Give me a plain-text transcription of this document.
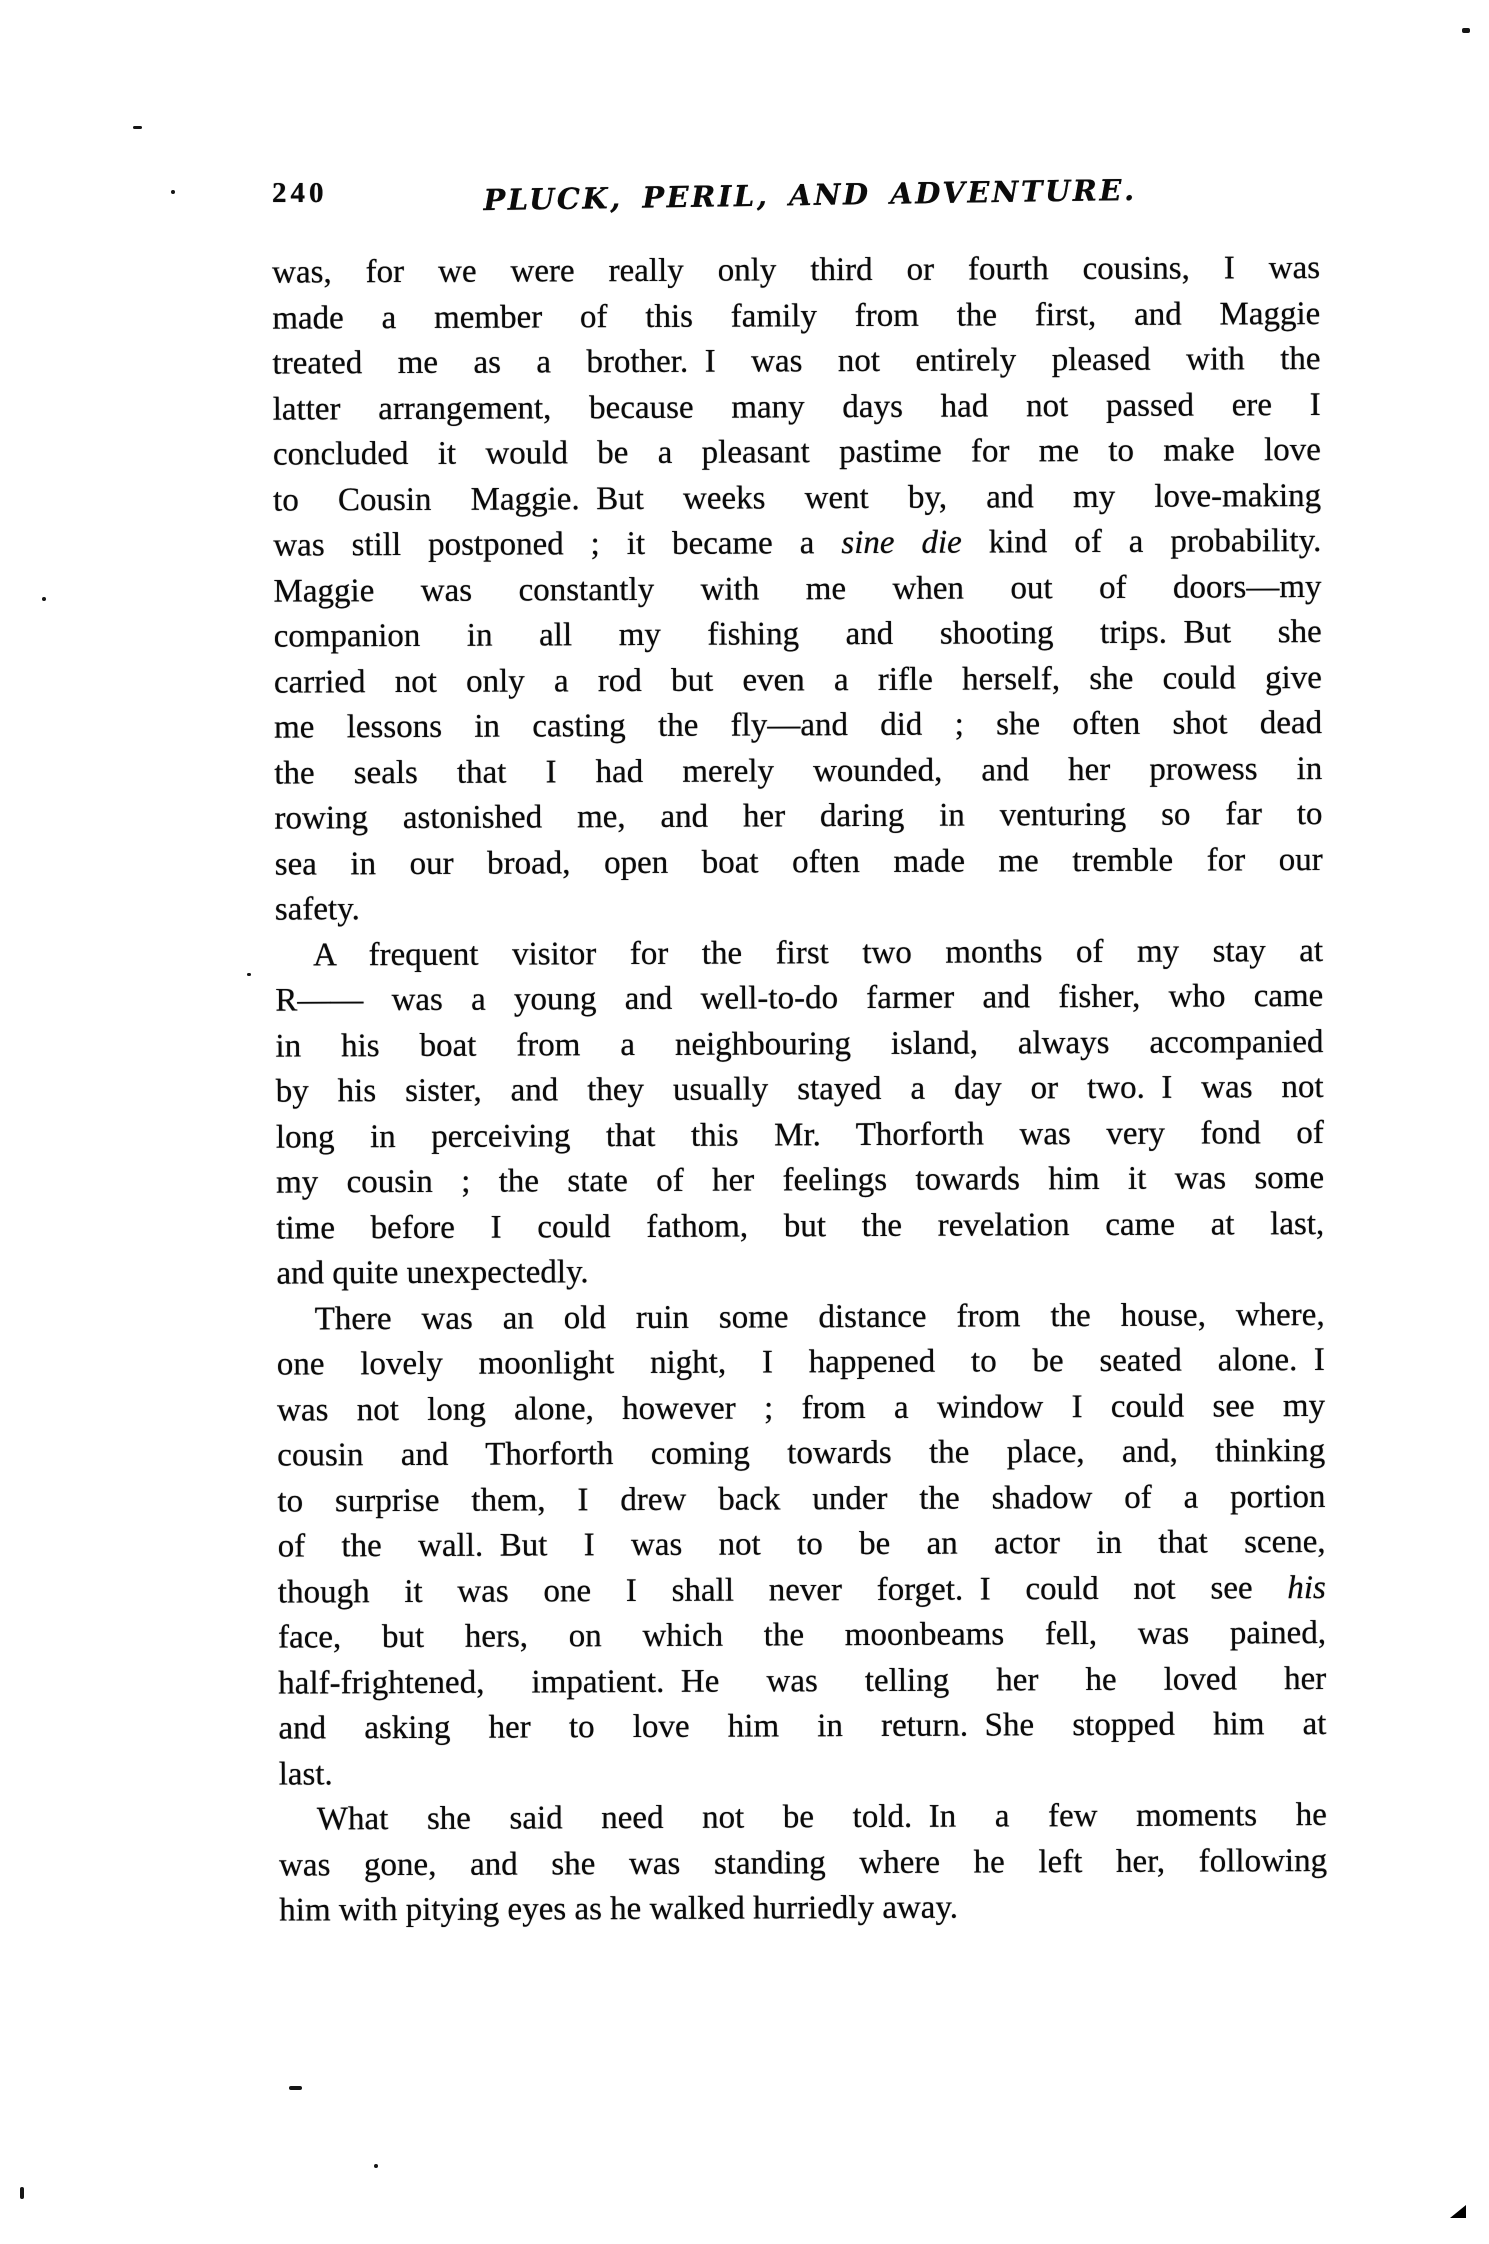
240	PLUCK, PERIL, AND ADVENTURE.
was, for we were really only third or fourth cousins, I was
made a member of this family from the first, and Maggie
treated me as a brother. I was not entirely pleased with the
latter arrangement, because many days had not passed ere I
concluded it would be a pleasant pastime for me to make love
to Cousin Maggie. But weeks went by, and my love-making
was still postponed ; it became a sine die kind of a probability.
Maggie was constantly with me when out of doors—my
companion in all my fishing and shooting trips. But she
carried not only a rod but even a rifle herself, she could give
me lessons in casting the fly—and did ; she often shot dead
the seals that I had merely wounded, and her prowess in
rowing astonished me, and her daring in venturing so far to
sea in our broad, open boat often made me tremble for our
safety.
A frequent visitor for the first two months of my stay at
R—— was a young and well-to-do farmer and fisher, who came
in his boat from a neighbouring island, always accompanied
by his sister, and they usually stayed a day or two. I was not
long in perceiving that this Mr. Thorforth was very fond of
my cousin ; the state of her feelings towards him it was some
time before I could fathom, but the revelation came at last,
and quite unexpectedly.
There was an old ruin some distance from the house, where,
one lovely moonlight night, I happened to be seated alone. I
was not long alone, however ; from a window I could see my
cousin and Thorforth coming towards the place, and, thinking
to surprise them, I drew back under the shadow of a portion
of the wall. But I was not to be an actor in that scene,
though it was one I shall never forget. I could not see his
face, but hers, on which the moonbeams fell, was pained,
half-frightened, impatient. He was telling her he loved her
and asking her to love him in return. She stopped him at
last.
What she said need not be told. In a few moments he
was gone, and she was standing where he left her, following
him with pitying eyes as he walked hurriedly away.
